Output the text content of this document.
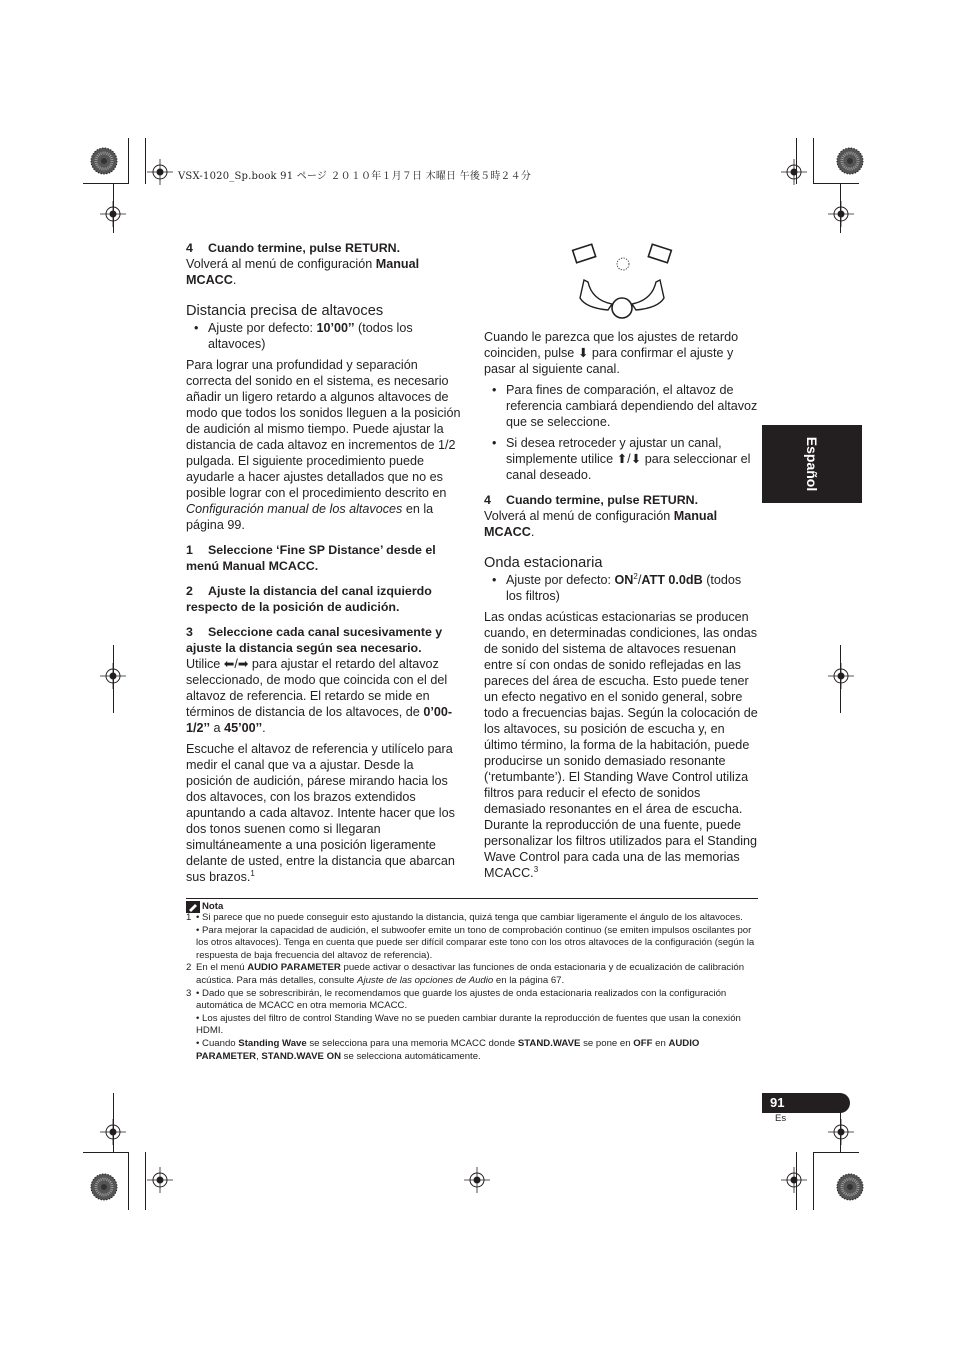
VSX-1020_Sp.book 91 ページ ２０１０年１月７日 木曜日 午後５時２４分

4 Cuando termine, pulse RETURN.

Volverá al menú de configuración Manual MCACC.

Distancia precisa de altavoces

• Ajuste por defecto: 10’00’’ (todos los altavoces)

Para lograr una profundidad y separación correcta del sonido en el sistema, es necesario añadir un ligero retardo a algunos altavoces de modo que todos los sonidos lleguen a la posición de audición al mismo tiempo. Puede ajustar la distancia de cada altavoz en incrementos de 1/2 pulgada. El siguiente procedimiento puede ayudarle a hacer ajustes detallados que no es posible lograr con el procedimiento descrito en Configuración manual de los altavoces en la página 99.

1 Seleccione ‘Fine SP Distance’ desde el menú Manual MCACC.

2 Ajuste la distancia del canal izquierdo respecto de la posición de audición.

3 Seleccione cada canal sucesivamente y ajuste la distancia según sea necesario.

Utilice ⬅/➡ para ajustar el retardo del altavoz seleccionado, de modo que coincida con el del altavoz de referencia. El retardo se mide en términos de distancia de los altavoces, de 0’00-1/2’’ a 45’00’’.

Escuche el altavoz de referencia y utilícelo para medir el canal que va a ajustar. Desde la posición de audición, párese mirando hacia los dos altavoces, con los brazos extendidos apuntando a cada altavoz. Intente hacer que los dos tonos suenen como si llegaran simultáneamente a una posición ligeramente delante de usted, entre la distancia que abarcan sus brazos.$^1$

Cuando le parezca que los ajustes de retardo coinciden, pulse ⬇ para confirmar el ajuste y pasar al siguiente canal.

• Para fines de comparación, el altavoz de referencia cambiará dependiendo del altavoz que se seleccione.

• Si desea retroceder y ajustar un canal, simplemente utilice ⬆/⬇ para seleccionar el canal deseado.

4 Cuando termine, pulse RETURN.

Volverá al menú de configuración Manual MCACC.

Onda estacionaria

• Ajuste por defecto: $ON^2$/ATT 0.0dB (todos los filtros)

Las ondas acústicas estacionarias se producen cuando, en determinadas condiciones, las ondas de sonido del sistema de altavoces resuenan entre sí con ondas de sonido reflejadas en las pareces del área de escucha. Esto puede tener un efecto negativo en el sonido general, sobre todo a frecuencias bajas. Según la colocación de los altavoces, su posición de escucha y, en último término, la forma de la habitación, puede producirse un sonido demasiado resonante (‘retumbante’). El Standing Wave Control utiliza filtros para reducir el efecto de sonidos demasiado resonantes en el área de escucha. Durante la reproducción de una fuente, puede personalizar los filtros utilizados para el Standing Wave Control para cada una de las memorias MCACC.$^3$

Español
Nota

1 • Si parece que no puede conseguir esto ajustando la distancia, quizá tenga que cambiar ligeramente el ángulo de los altavoces.

• Para mejorar la capacidad de audición, el subwoofer emite un tono de comprobación continuo (se emiten impulsos oscilantes por los otros altavoces). Tenga en cuenta que puede ser difícil comparar este tono con los otros altavoces de la configuración (según la respuesta de baja frecuencia del altavoz de referencia).

2 En el menú AUDIO PARAMETER puede activar o desactivar las funciones de onda estacionaria y de ecualización de calibración acústica. Para más detalles, consulte Ajuste de las opciones de Audio en la página 67.

3 • Dado que se sobrescribirán, le recomendamos que guarde los ajustes de onda estacionaria realizados con la configuración automática de MCACC en otra memoria MCACC.

• Los ajustes del filtro de control Standing Wave no se pueden cambiar durante la reproducción de fuentes que usan la conexión HDMI.

• Cuando Standing Wave se selecciona para una memoria MCACC donde STAND.WAVE se pone en OFF en AUDIO PARAMETER, STAND.WAVE ON se selecciona automáticamente.

91
Es
